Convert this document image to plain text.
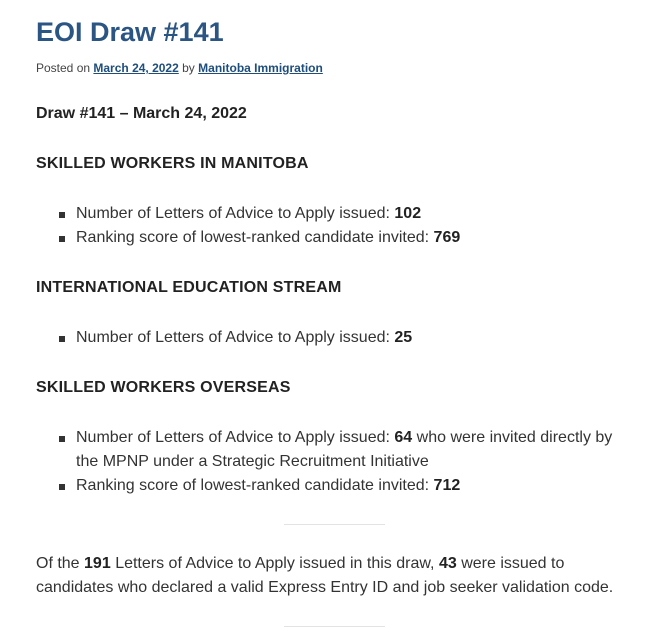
EOI Draw #141
Posted on March 24, 2022 by Manitoba Immigration
Draw #141 – March 24, 2022
SKILLED WORKERS IN MANITOBA
Number of Letters of Advice to Apply issued: 102
Ranking score of lowest-ranked candidate invited: 769
INTERNATIONAL EDUCATION STREAM
Number of Letters of Advice to Apply issued: 25
SKILLED WORKERS OVERSEAS
Number of Letters of Advice to Apply issued: 64 who were invited directly by the MPNP under a Strategic Recruitment Initiative
Ranking score of lowest-ranked candidate invited: 712

Of the 191 Letters of Advice to Apply issued in this draw, 43 were issued to candidates who declared a valid Express Entry ID and job seeker validation code.
